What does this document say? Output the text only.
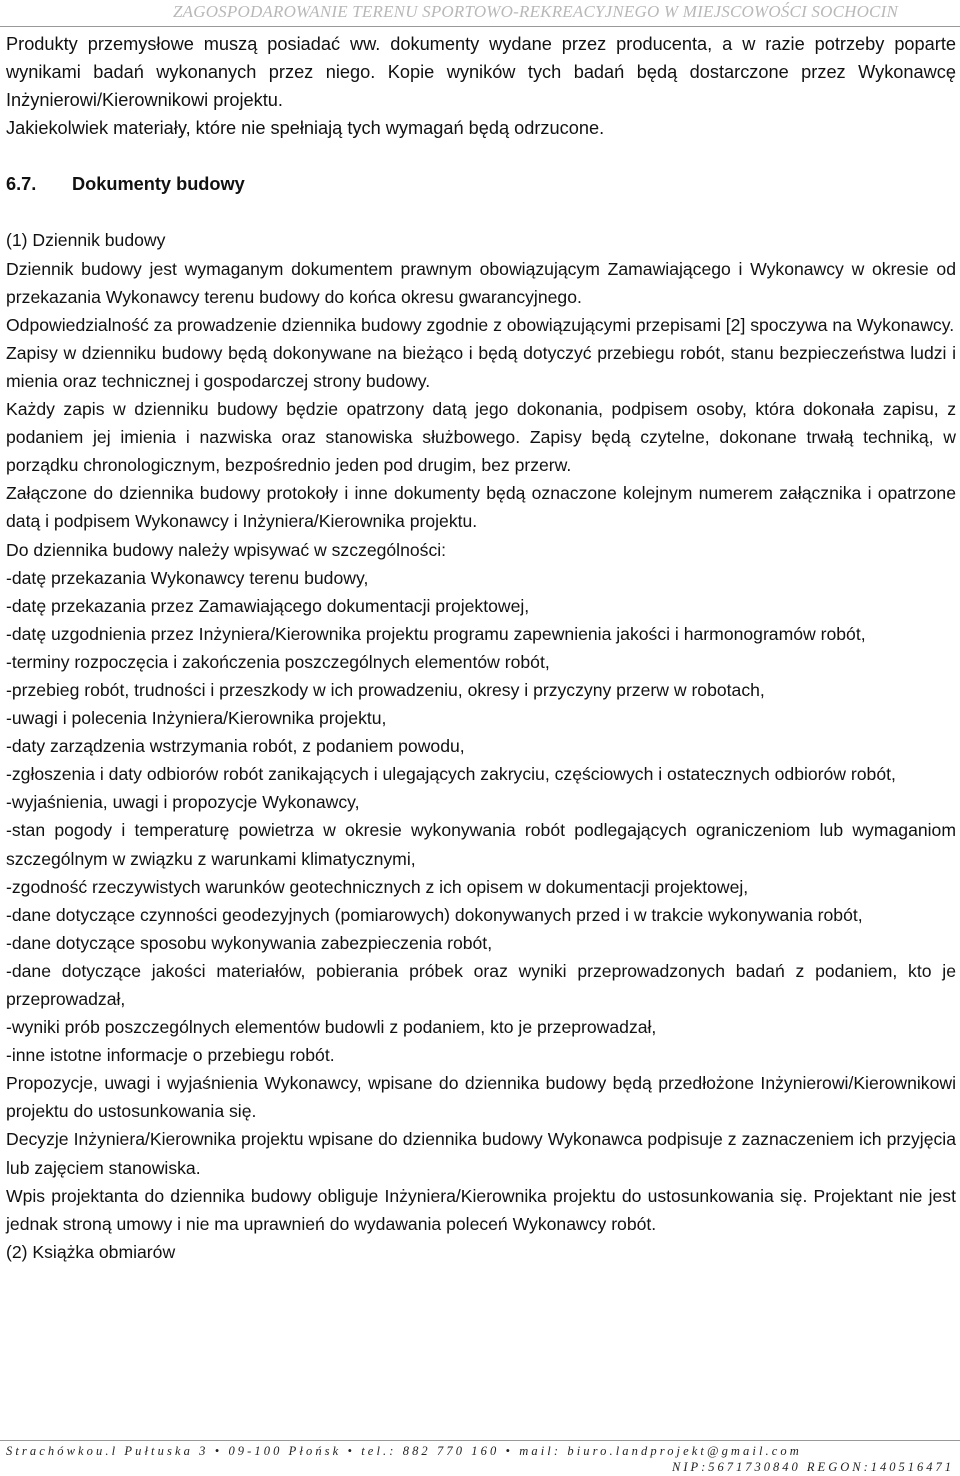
ZAGOSPODAROWANIE TERENU SPORTOWO-REKREACYJNEGO W MIEJSCOWOŚCI SOCHOCIN

Produkty przemysłowe muszą posiadać ww. dokumenty wydane przez producenta, a w razie potrzeby poparte wynikami badań wykonanych przez niego. Kopie wyników tych badań będą dostarczone przez Wykonawcę Inżynierowi/Kierownikowi projektu.

Jakiekolwiek materiały, które nie spełniają tych wymagań będą odrzucone.

6.7. Dokumenty budowy

(1) Dziennik budowy

Dziennik budowy jest wymaganym dokumentem prawnym obowiązującym Zamawiającego i Wykonawcy w okresie od przekazania Wykonawcy terenu budowy do końca okresu gwarancyjnego.

Odpowiedzialność za prowadzenie dziennika budowy zgodnie z obowiązującymi przepisami [2] spoczywa na Wykonawcy.

Zapisy w dzienniku budowy będą dokonywane na bieżąco i będą dotyczyć przebiegu robót, stanu bezpieczeństwa ludzi i mienia oraz technicznej i gospodarczej strony budowy.

Każdy zapis w dzienniku budowy będzie opatrzony datą jego dokonania, podpisem osoby, która dokonała zapisu, z podaniem jej imienia i nazwiska oraz stanowiska służbowego. Zapisy będą czytelne, dokonane trwałą techniką, w porządku chronologicznym, bezpośrednio jeden pod drugim, bez przerw.

Załączone do dziennika budowy protokoły i inne dokumenty będą oznaczone kolejnym numerem załącznika i opatrzone datą i podpisem Wykonawcy i Inżyniera/Kierownika projektu.

Do dziennika budowy należy wpisywać w szczególności:

-datę przekazania Wykonawcy terenu budowy,

-datę przekazania przez Zamawiającego dokumentacji projektowej,

-datę uzgodnienia przez Inżyniera/Kierownika projektu programu zapewnienia jakości i harmonogramów robót,

-terminy rozpoczęcia i zakończenia poszczególnych elementów robót,

-przebieg robót, trudności i przeszkody w ich prowadzeniu, okresy i przyczyny przerw w robotach,

-uwagi i polecenia Inżyniera/Kierownika projektu,

-daty zarządzenia wstrzymania robót, z podaniem powodu,

-zgłoszenia i daty odbiorów robót zanikających i ulegających zakryciu, częściowych i ostatecznych odbiorów robót,

-wyjaśnienia, uwagi i propozycje Wykonawcy,

-stan pogody i temperaturę powietrza w okresie wykonywania robót podlegających ograniczeniom lub wymaganiom szczególnym w związku z warunkami klimatycznymi,

-zgodność rzeczywistych warunków geotechnicznych z ich opisem w dokumentacji projektowej,

-dane dotyczące czynności geodezyjnych (pomiarowych) dokonywanych przed i w trakcie wykonywania robót,

-dane dotyczące sposobu wykonywania zabezpieczenia robót,

-dane dotyczące jakości materiałów, pobierania próbek oraz wyniki przeprowadzonych badań z podaniem, kto je przeprowadzał,

-wyniki prób poszczególnych elementów budowli z podaniem, kto je przeprowadzał,

-inne istotne informacje o przebiegu robót.

Propozycje, uwagi i wyjaśnienia Wykonawcy, wpisane do dziennika budowy będą przedłożone Inżynierowi/Kierownikowi projektu do ustosunkowania się.

Decyzje Inżyniera/Kierownika projektu wpisane do dziennika budowy Wykonawca podpisuje z zaznaczeniem ich przyjęcia lub zajęciem stanowiska.

Wpis projektanta do dziennika budowy obliguje Inżyniera/Kierownika projektu do ustosunkowania się. Projektant nie jest jednak stroną umowy i nie ma uprawnień do wydawania poleceń Wykonawcy robót.

(2) Książka obmiarów

Strachówkou.l Pułtuska 3 • 09-100 Płońsk • tel.: 882 770 160 • mail: biuro.landprojekt@gmail.com
NIP:5671730840 REGON:140516471
